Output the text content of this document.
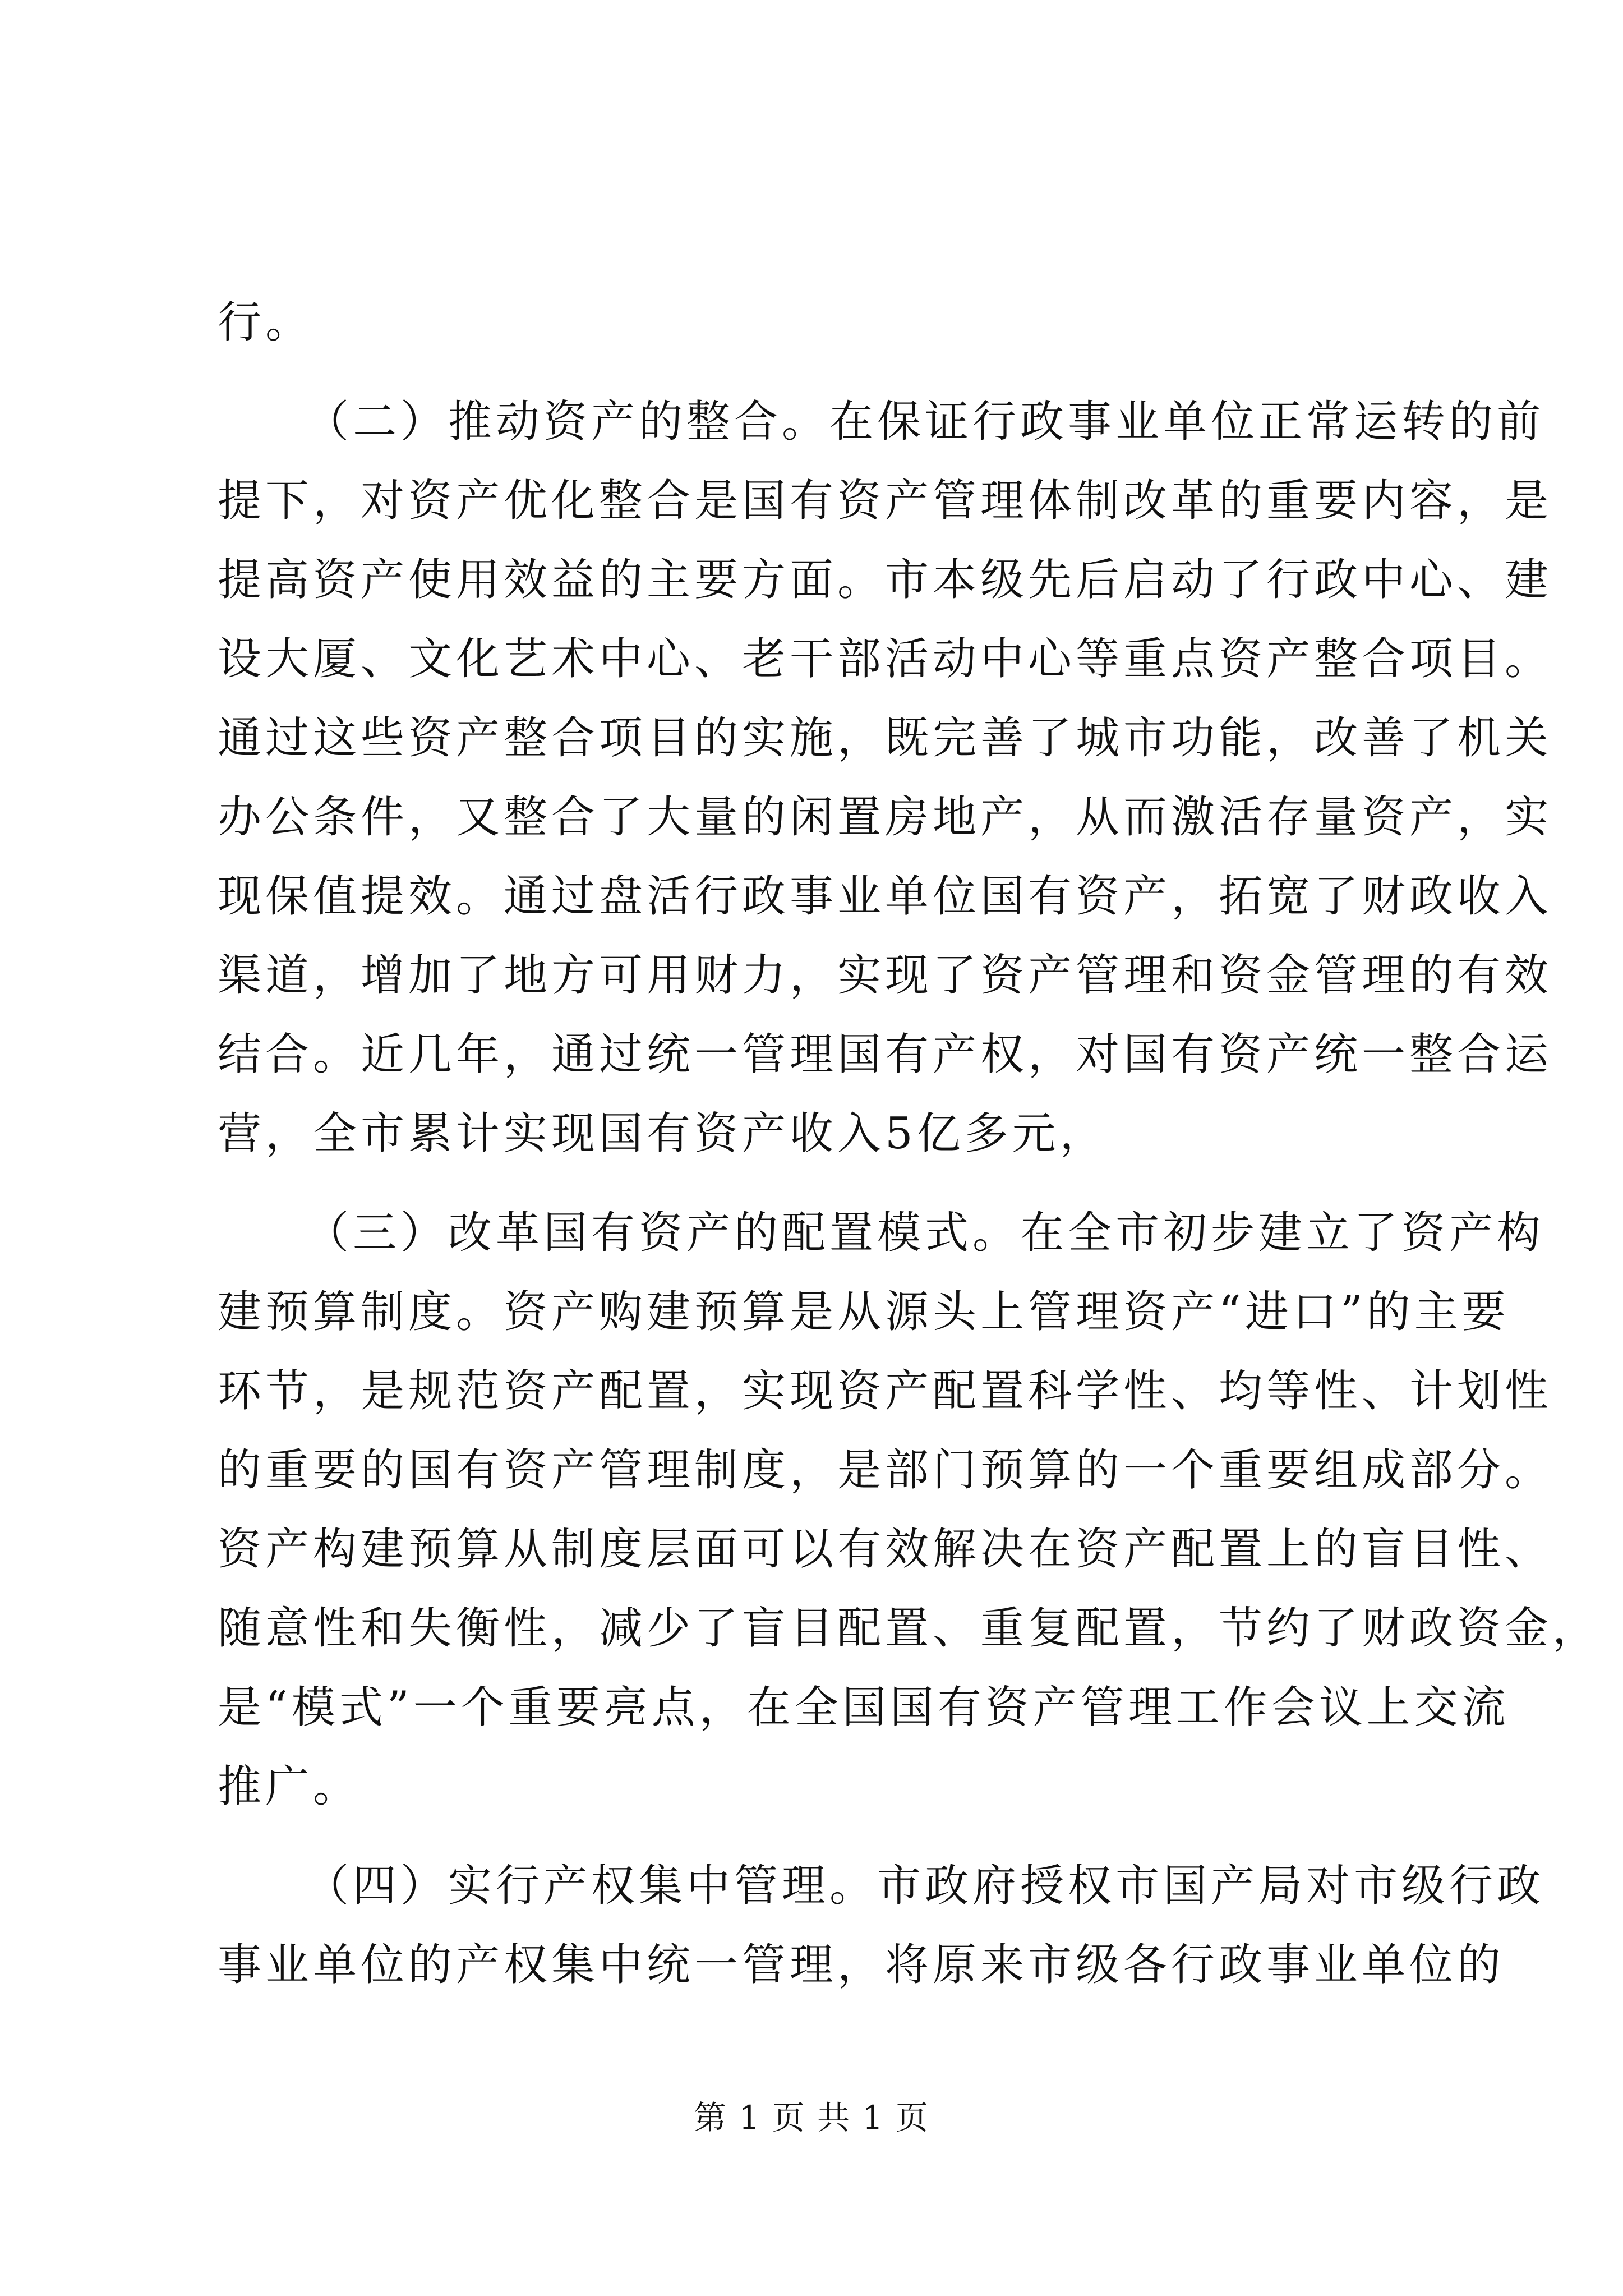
行。
（二）推动资产的整合。在保证行政事业单位正常运转的前
提下，对资产优化整合是国有资产管理体制改革的重要内容，是
提高资产使用效益的主要方面。市本级先后启动了行政中心、建
设大厦、文化艺术中心、老干部活动中心等重点资产整合项目。
通过这些资产整合项目的实施，既完善了城市功能，改善了机关
办公条件，又整合了大量的闲置房地产，从而激活存量资产，实
现保值提效。通过盘活行政事业单位国有资产，拓宽了财政收入
渠道，增加了地方可用财力，实现了资产管理和资金管理的有效
结合。近几年，通过统一管理国有产权，对国有资产统一整合运
营，全市累计实现国有资产收入5亿多元，
（三）改革国有资产的配置模式。在全市初步建立了资产构
建预算制度。资产购建预算是从源头上管理资产“进口”的主要
环节，是规范资产配置，实现资产配置科学性、均等性、计划性
的重要的国有资产管理制度，是部门预算的一个重要组成部分。
资产构建预算从制度层面可以有效解决在资产配置上的盲目性、
随意性和失衡性，减少了盲目配置、重复配置，节约了财政资金，
是“模式”一个重要亮点，在全国国有资产管理工作会议上交流
推广。
（四）实行产权集中管理。市政府授权市国产局对市级行政
事业单位的产权集中统一管理，将原来市级各行政事业单位的
第 1 页 共 1 页
